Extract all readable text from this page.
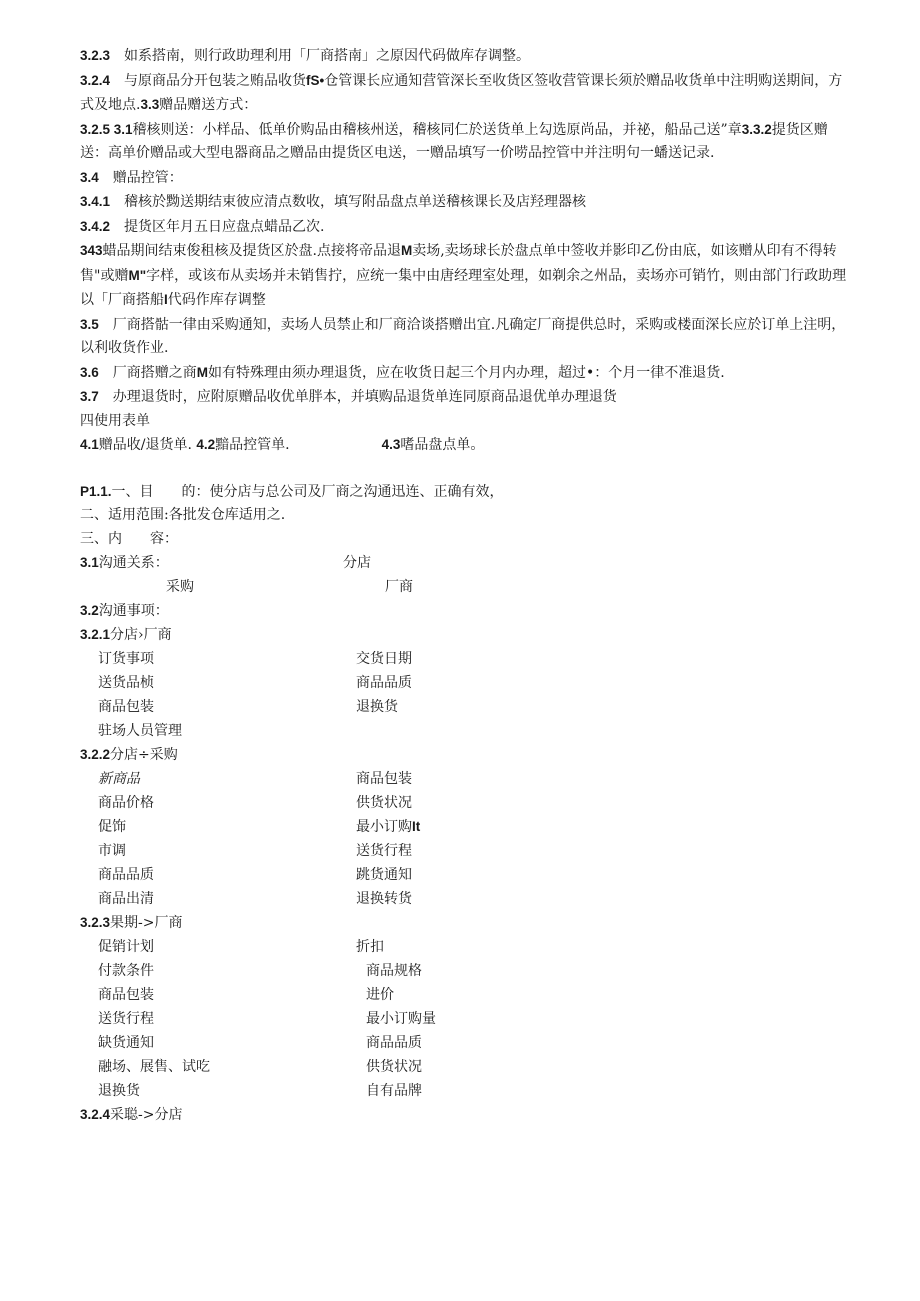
3.2.3　 如系搭南，则行政助理利用「厂商搭南」之原因代码做库存调整。

3.2.4　 与原商品分开包装之贿品收货fS•仓管课长应通知营管深长至收货区签收营管课长须於赠品收货单中注明购送期间，方式及地点.3.3赠品赠送方式：

3.2.5 3.1稽核则送：小样品、低单价购品由稽核州送，稽核同仁於送货单上勾选原尚品，并祕，船品己送”章3.3.2提货区赠送：高单价赠品或大型电器商品之赠品由提货区电送，一赠品填写一价唠品控管中并注明句一蟠送记录.

3.4　 赠品控管：

3.4.1　 稽核於黝送期结束彼应清点数收，填写附品盘点单送稽核课长及店羟理器核

3.4.2　 提货区年月五日应盘点蜡品乙次.

343蜡品期间结束俊租核及提货区於盘.点接将帝品退M卖场,卖场球长於盘点单中签收并影印乙份由底，如该赠从印有不得转售"或赠M"字样，或该布从卖场并未销售拧，应统一集中由唐经理室处理，如剃余之州品，卖场亦可销竹，则由部门行政助理以「厂商搭船I代码作库存调整

3.5　 厂商搭骷一律由采购通知，卖场人员禁止和厂商洽谈搭赠出宜.凡确定厂商提供总时，采购或楼面深长应於订单上注明，以利收货作业.

3.6　 厂商搭赠之商M如有特殊理由须办理退货，应在收货日起三个月内办理，超过•：个月一律不准退货.

3.7　 办理退货时，应附原赠品收优单胖本，并填购品退货单连同原商品退优单办理退货

四使用表单

4.1赠品收/退货单. 4.2黯品控管单.	4.3嗜品盘点单。

P1.1.一、目　　的：使分店与总公司及厂商之沟通迅连、正确有效，

二、适用范围:各批发仓库适用之.

三、内　　容：

3.1沟通关系：	分店
采购	厂商
3.2沟通事项：
3.2.1分店›厂商
订货事项	交货日期
送货品桢	商品品质
商品包装	退换货
驻场人员管理
3.2.2分店÷采购
新商品	商品包装
商品价格	供货状况
促饰	最小订购It
市调	送货行程
商品品质	跳货通知
商品出清	退换转货
3.2.3果期->厂商
促销计划	折扣
付款条件	商品规格
商品包装	进价
送货行程	最小订购量
缺货通知	商品品质
融场、展售、试吃	供货状况
退换货	自有品牌
3.2.4采聪->分店
